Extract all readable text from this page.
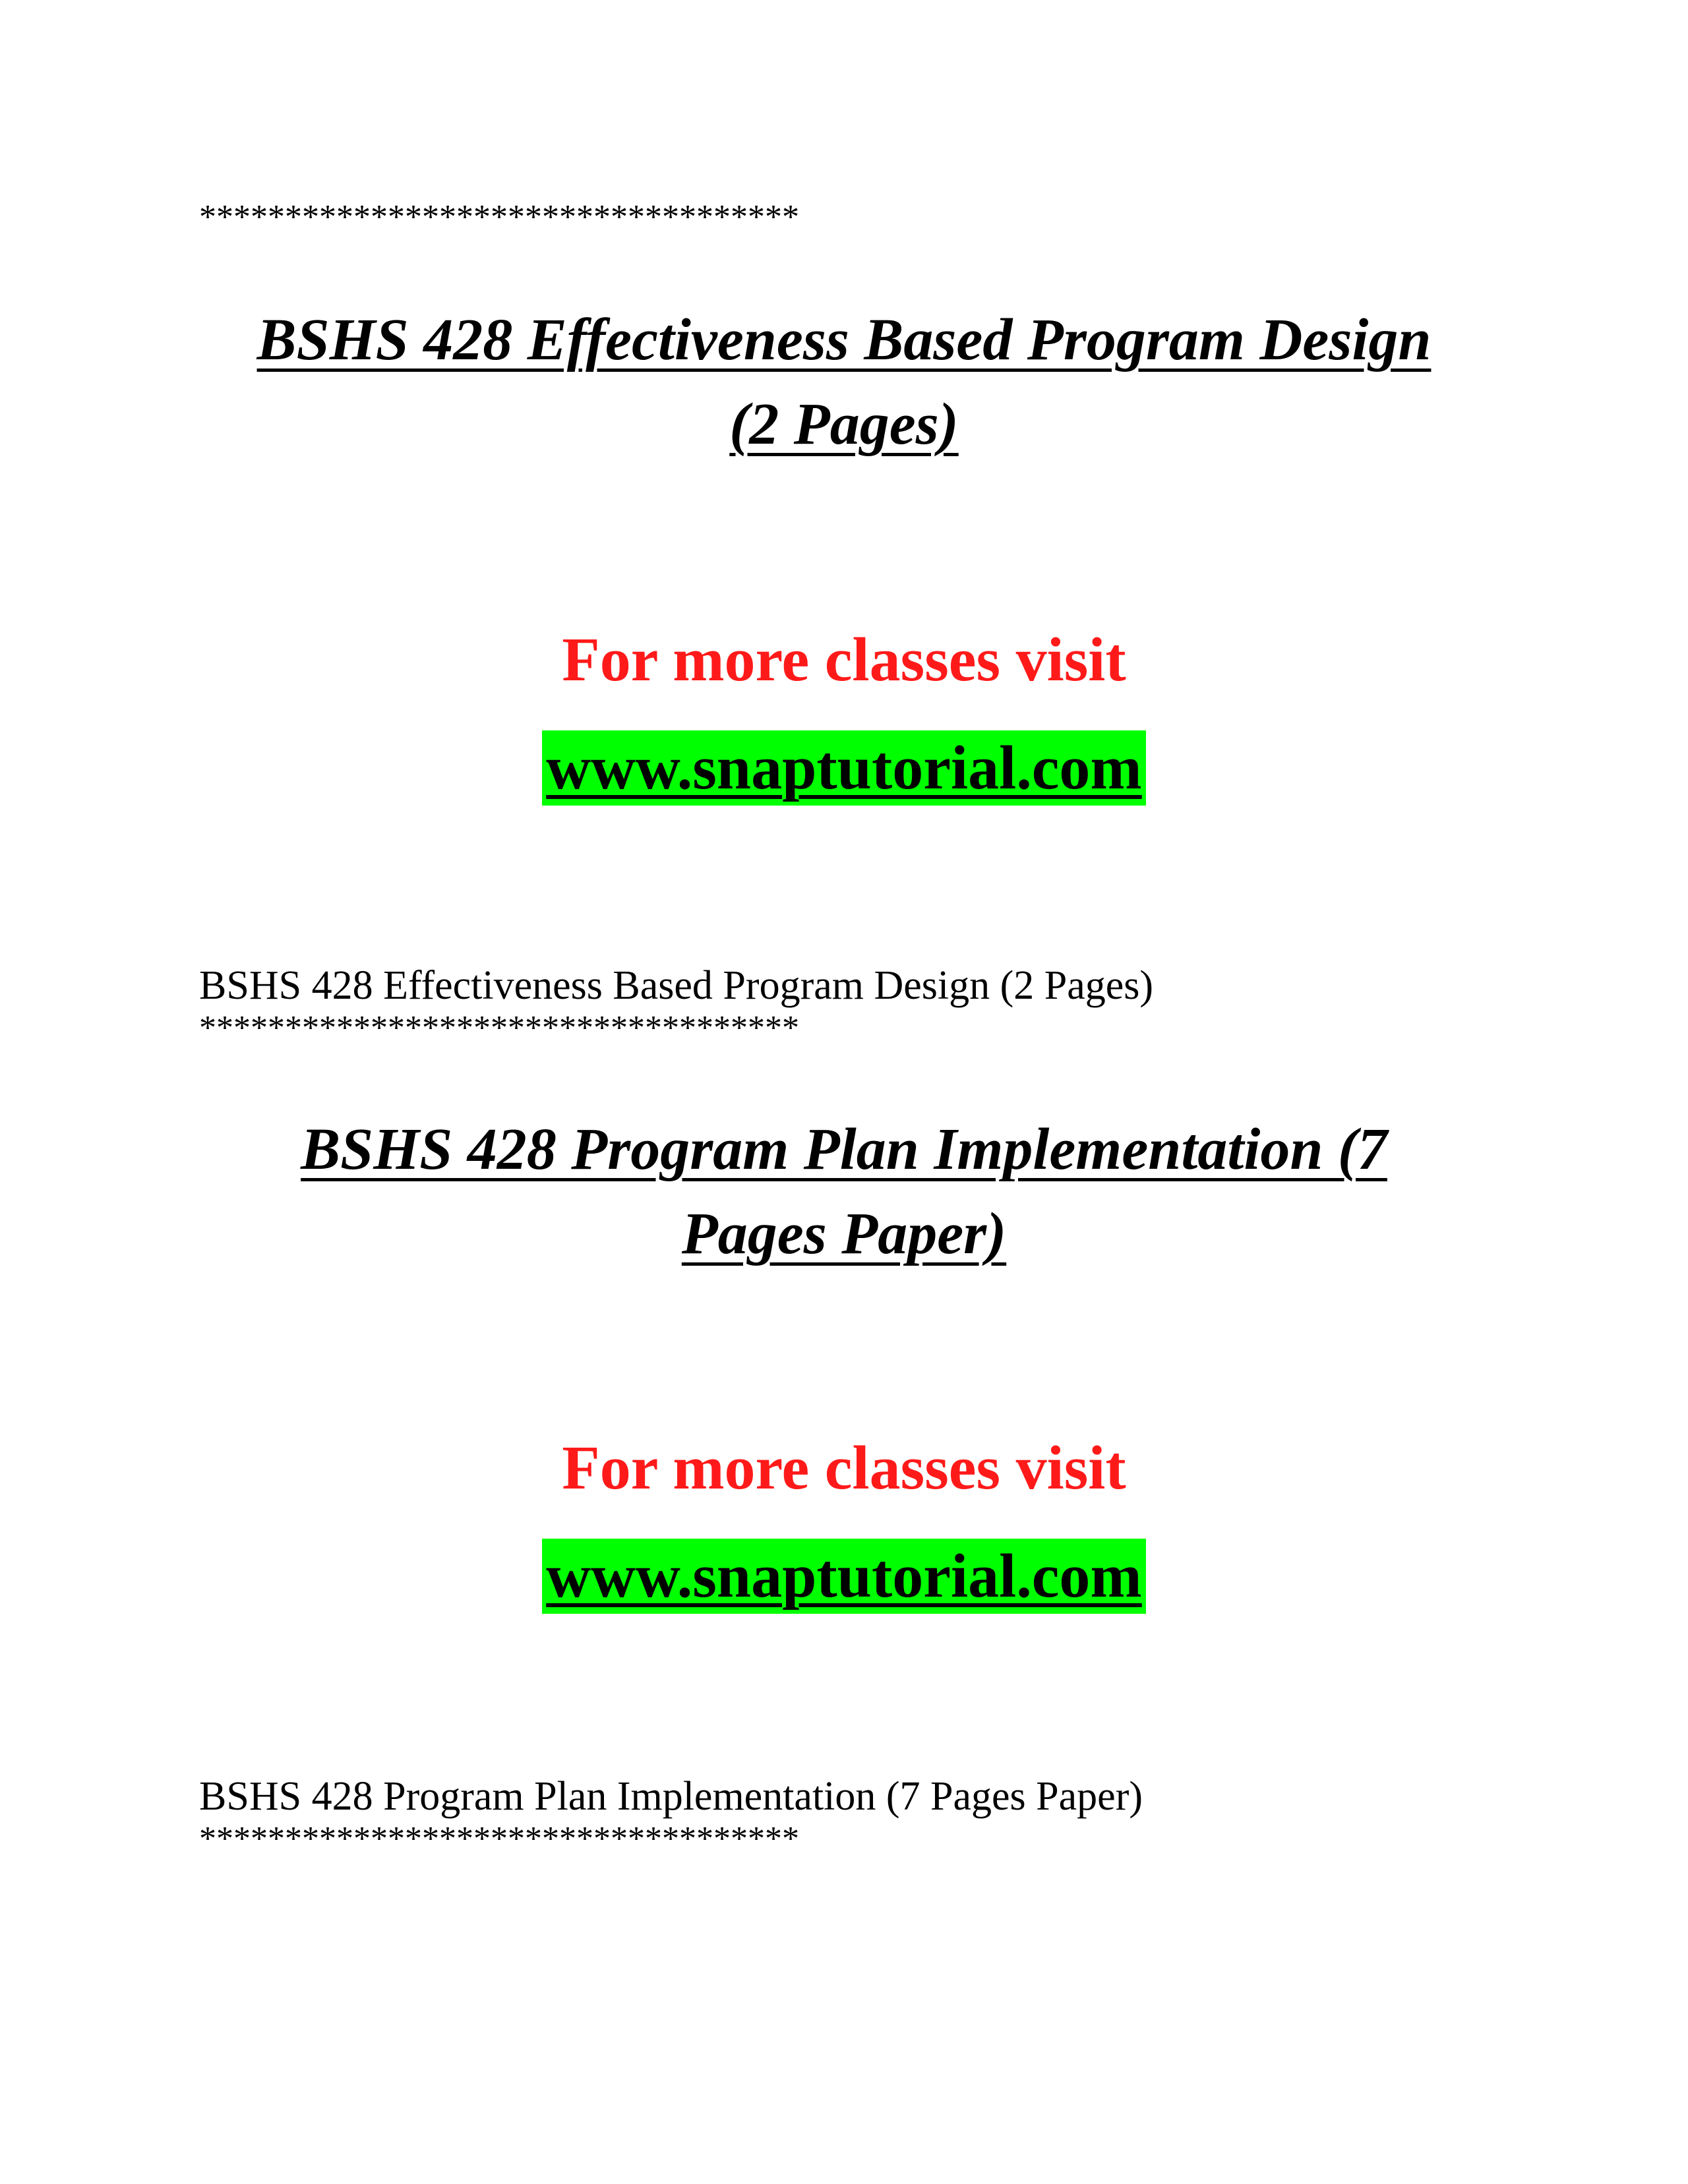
***********************************
BSHS 428 Effectiveness Based Program Design
(2 Pages)
For more classes visit
www.snaptutorial.com
BSHS 428 Effectiveness Based Program Design (2 Pages)
***********************************
BSHS 428 Program Plan Implementation (7
Pages Paper)
For more classes visit
www.snaptutorial.com
BSHS 428 Program Plan Implementation (7 Pages Paper)
***********************************
